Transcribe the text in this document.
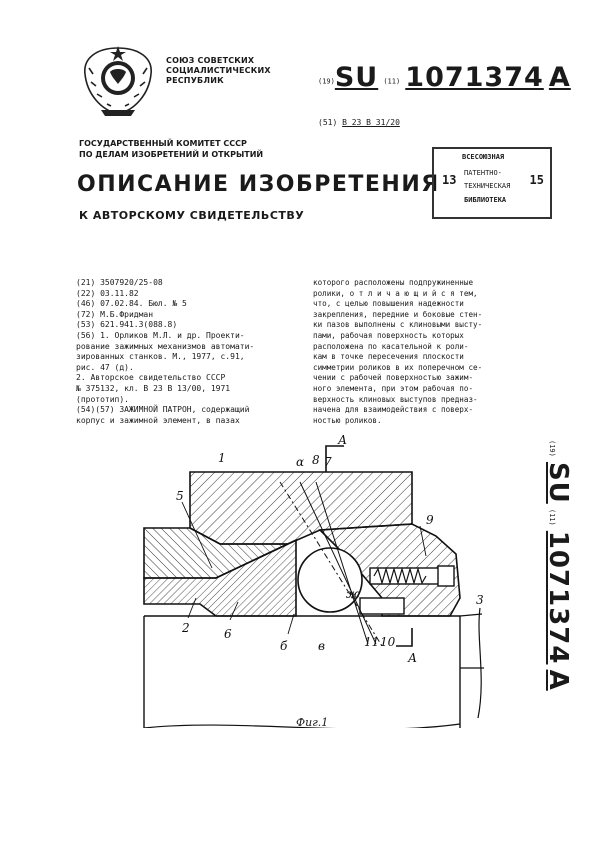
СОЮЗ СОВЕТСКИХ
СОЦИАЛИСТИЧЕСКИХ
РЕСПУБЛИК	(19)SU (11) 1071374 A
(51) В 23 В 31/20
ГОСУДАРСТВЕННЫЙ КОМИТЕТ СССР
ПО ДЕЛАМ ИЗОБРЕТЕНИЙ И ОТКРЫТИЙ
ОПИСАНИЕ ИЗОБРЕТЕНИЯ
К АВТОРСКОМУ СВИДЕТЕЛЬСТВУ
ВСЕСОЮЗНАЯ
13 ПАТЕНТНО-
ТЕХНИЧЕСКАЯ 15
БИБЛИОТЕКА
(21) 3507920/25-08
(22) 03.11.82
(46) 07.02.84. Бюл. № 5
(72) М.Б.Фридман
(53) 621.941.3(088.8)
(56) 1. Орликов М.Л. и др. Проекти-
рование зажимных механизмов автомати-
зированных станков. М., 1977, с.91,
рис. 47 (д).
2. Авторское свидетельство СССР
№ 375132, кл. В 23 В 13/00, 1971
(прототип).
(54)(57) ЗАЖИМНОЙ ПАТРОН, содержащий
корпус и зажимной элемент, в пазах
которого расположены подпружиненные
ролики, о т л и ч а ю щ и й с я тем,
что, с целью повышения надежности
закрепления, передние и боковые стен-
ки пазов выполнены с клиновыми высту-
пами, рабочая поверхность которых
расположена по касательной к роли-
кам в точке пересечения плоскости
симметрии роликов в их поперечном се-
чении с рабочей поверхностью зажим-
ного элемента, при этом рабочая по-
верхность клиновых выступов предназ-
начена для взаимодействия с поверх-
ностью роликов.
1
5
α 8 7
А
9
3
ж
2	6
б	в	11 10
А
(19) SU (11) 1071374 A
Фиг.1
